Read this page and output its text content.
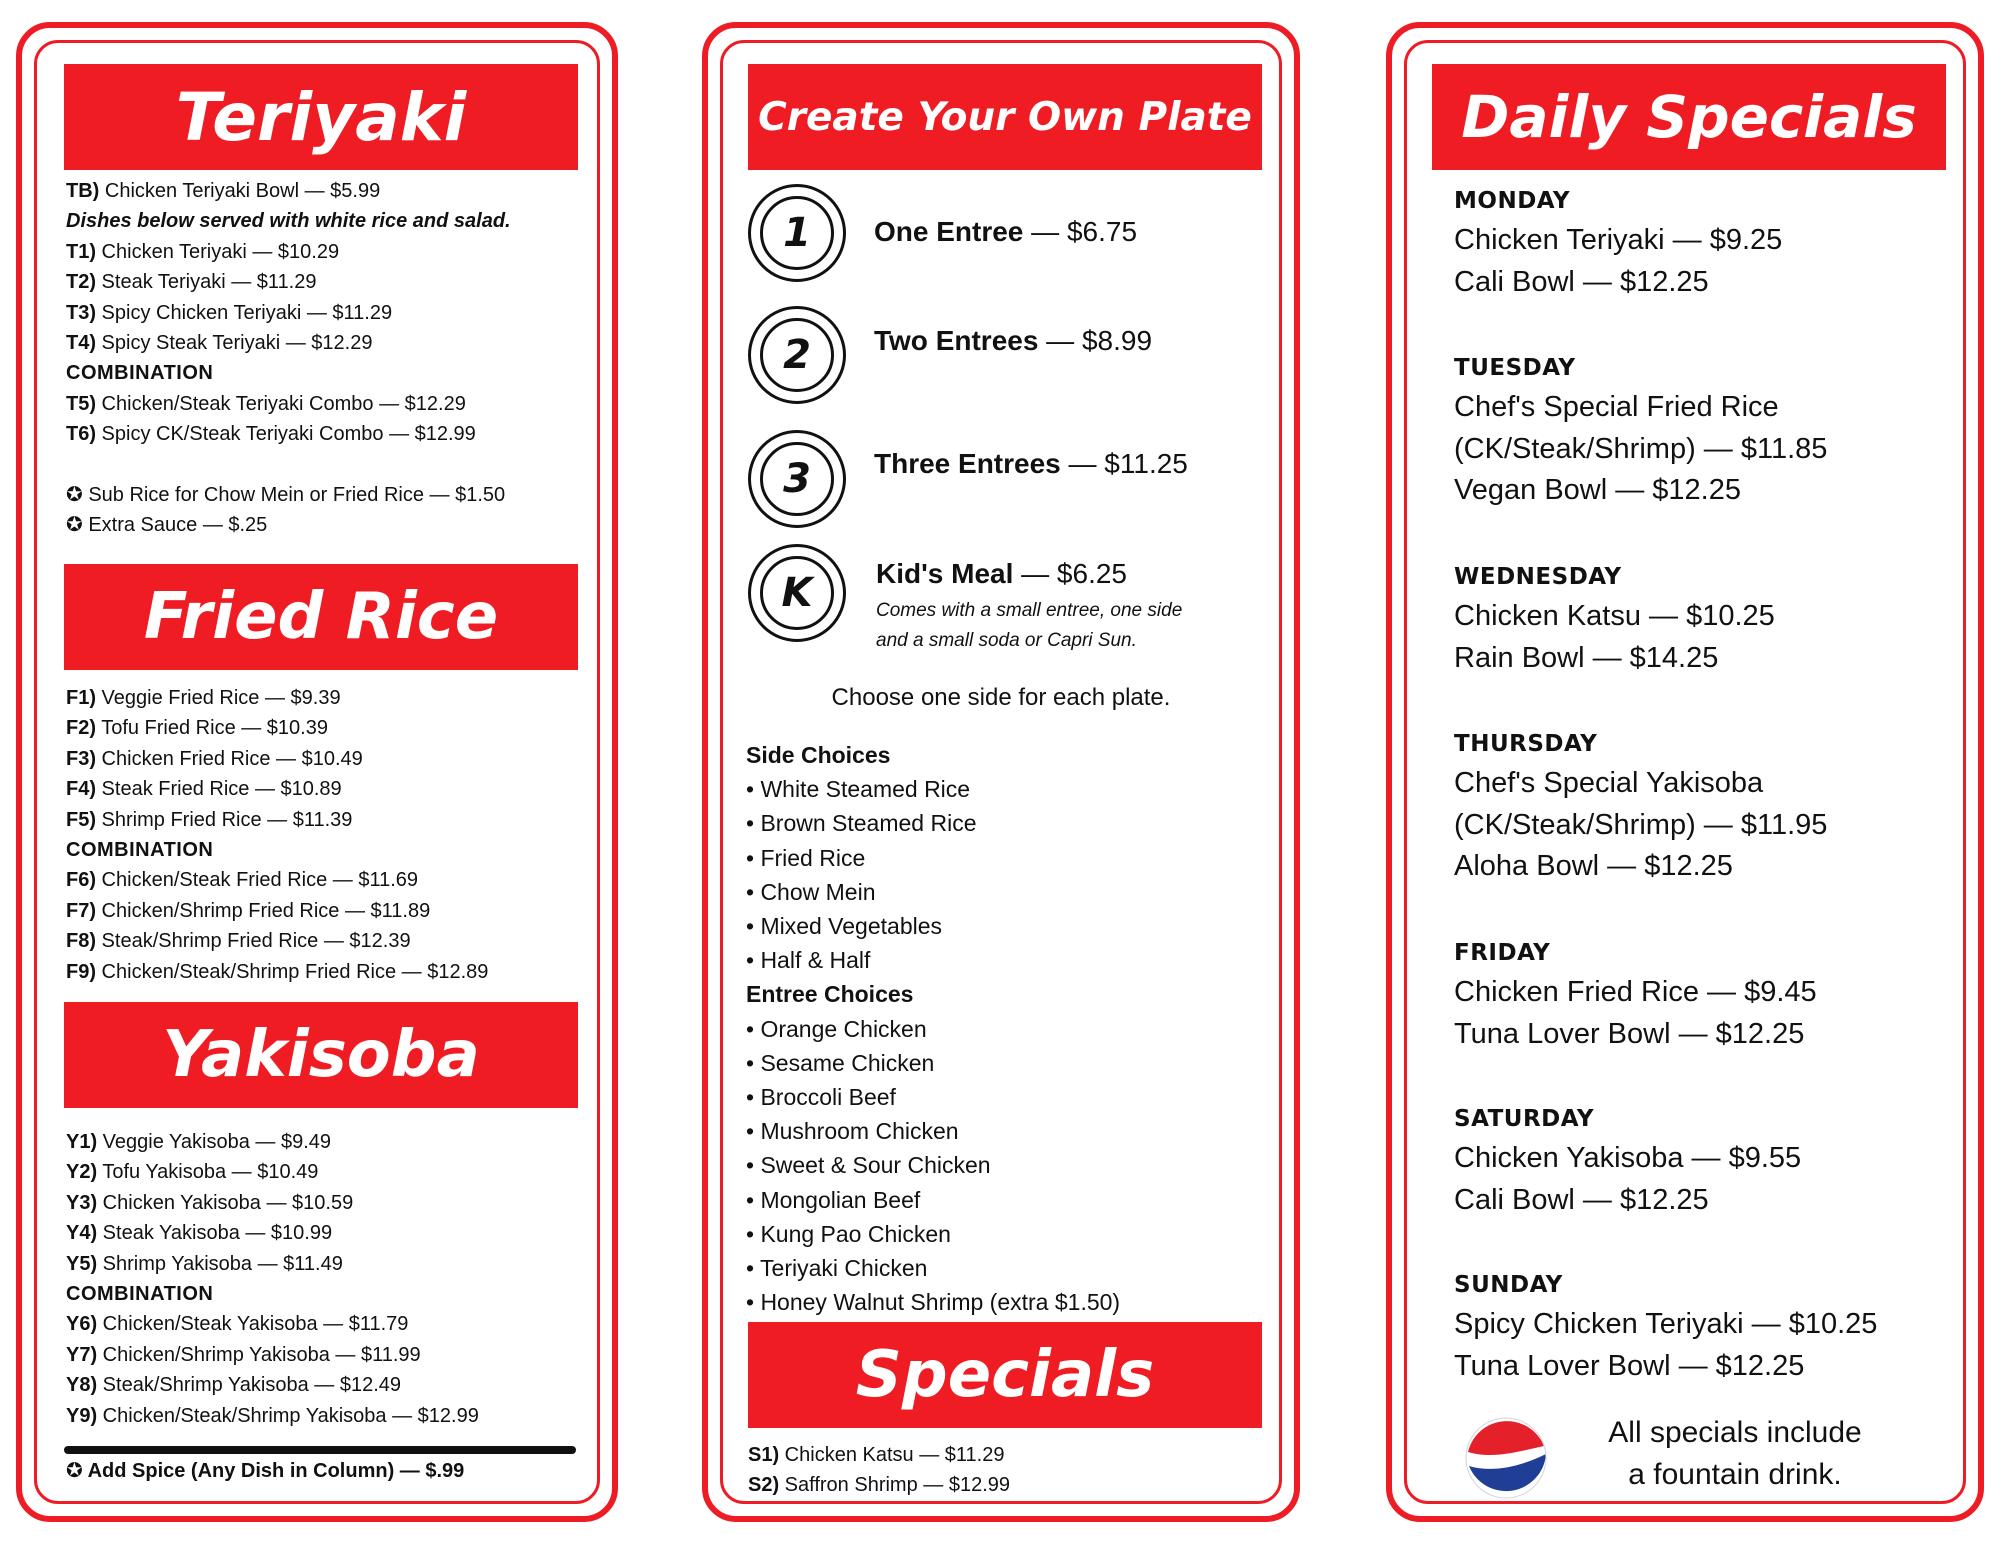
Teriyaki
TB) Chicken Teriyaki Bowl — $5.99
Dishes below served with white rice and salad.
T1) Chicken Teriyaki — $10.29
T2) Steak Teriyaki — $11.29
T3) Spicy Chicken Teriyaki — $11.29
T4) Spicy Steak Teriyaki — $12.29
COMBINATION
T5) Chicken/Steak Teriyaki Combo — $12.29
T6) Spicy CK/Steak Teriyaki Combo — $12.99
✪ Sub Rice for Chow Mein or Fried Rice — $1.50
✪ Extra Sauce — $.25
Fried Rice
F1) Veggie Fried Rice — $9.39
F2) Tofu Fried Rice — $10.39
F3) Chicken Fried Rice — $10.49
F4) Steak Fried Rice — $10.89
F5) Shrimp Fried Rice — $11.39
COMBINATION
F6) Chicken/Steak Fried Rice — $11.69
F7) Chicken/Shrimp Fried Rice — $11.89
F8) Steak/Shrimp Fried Rice — $12.39
F9) Chicken/Steak/Shrimp Fried Rice — $12.89
Yakisoba
Y1) Veggie Yakisoba — $9.49
Y2) Tofu Yakisoba — $10.49
Y3) Chicken Yakisoba — $10.59
Y4) Steak Yakisoba — $10.99
Y5) Shrimp Yakisoba — $11.49
COMBINATION
Y6) Chicken/Steak Yakisoba — $11.79
Y7) Chicken/Shrimp Yakisoba — $11.99
Y8) Steak/Shrimp Yakisoba — $12.49
Y9) Chicken/Steak/Shrimp Yakisoba — $12.99
✪ Add Spice (Any Dish in Column) — $.99
Create Your Own Plate
1	One Entree — $6.75
2	Two Entrees — $8.99
3	Three Entrees — $11.25
K	Kid's Meal — $6.25
Comes with a small entree, one side
and a small soda or Capri Sun.
Choose one side for each plate.
Side Choices
• White Steamed Rice
• Brown Steamed Rice
• Fried Rice
• Chow Mein
• Mixed Vegetables
• Half & Half
Entree Choices
• Orange Chicken
• Sesame Chicken
• Broccoli Beef
• Mushroom Chicken
• Sweet & Sour Chicken
• Mongolian Beef
• Kung Pao Chicken
• Teriyaki Chicken
• Honey Walnut Shrimp (extra $1.50)
Specials
S1) Chicken Katsu — $11.29
S2) Saffron Shrimp — $12.99
Daily Specials
MONDAY
Chicken Teriyaki — $9.25
Cali Bowl — $12.25
TUESDAY
Chef's Special Fried Rice
(CK/Steak/Shrimp) — $11.85
Vegan Bowl — $12.25
WEDNESDAY
Chicken Katsu — $10.25
Rain Bowl — $14.25
THURSDAY
Chef's Special Yakisoba
(CK/Steak/Shrimp) — $11.95
Aloha Bowl — $12.25
FRIDAY
Chicken Fried Rice — $9.45
Tuna Lover Bowl — $12.25
SATURDAY
Chicken Yakisoba — $9.55
Cali Bowl — $12.25
SUNDAY
Spicy Chicken Teriyaki — $10.25
Tuna Lover Bowl — $12.25
All specials include
a fountain drink.
